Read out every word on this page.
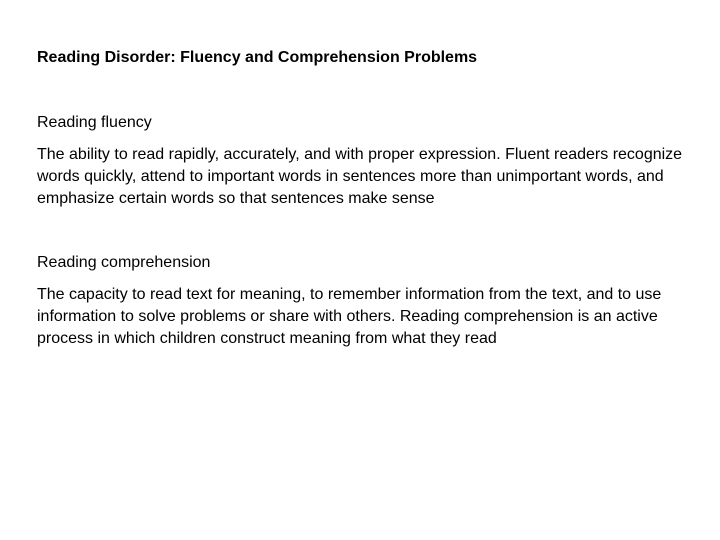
Reading Disorder: Fluency and Comprehension Problems
Reading fluency
The ability to read rapidly, accurately, and with proper expression. Fluent readers recognize words quickly, attend to important words in sentences more than unimportant words, and emphasize certain words so that sentences make sense
Reading comprehension
The capacity to read text for meaning, to remember information from the text, and to use information to solve problems or share with others. Reading comprehension is an active process in which children construct meaning from what they read
